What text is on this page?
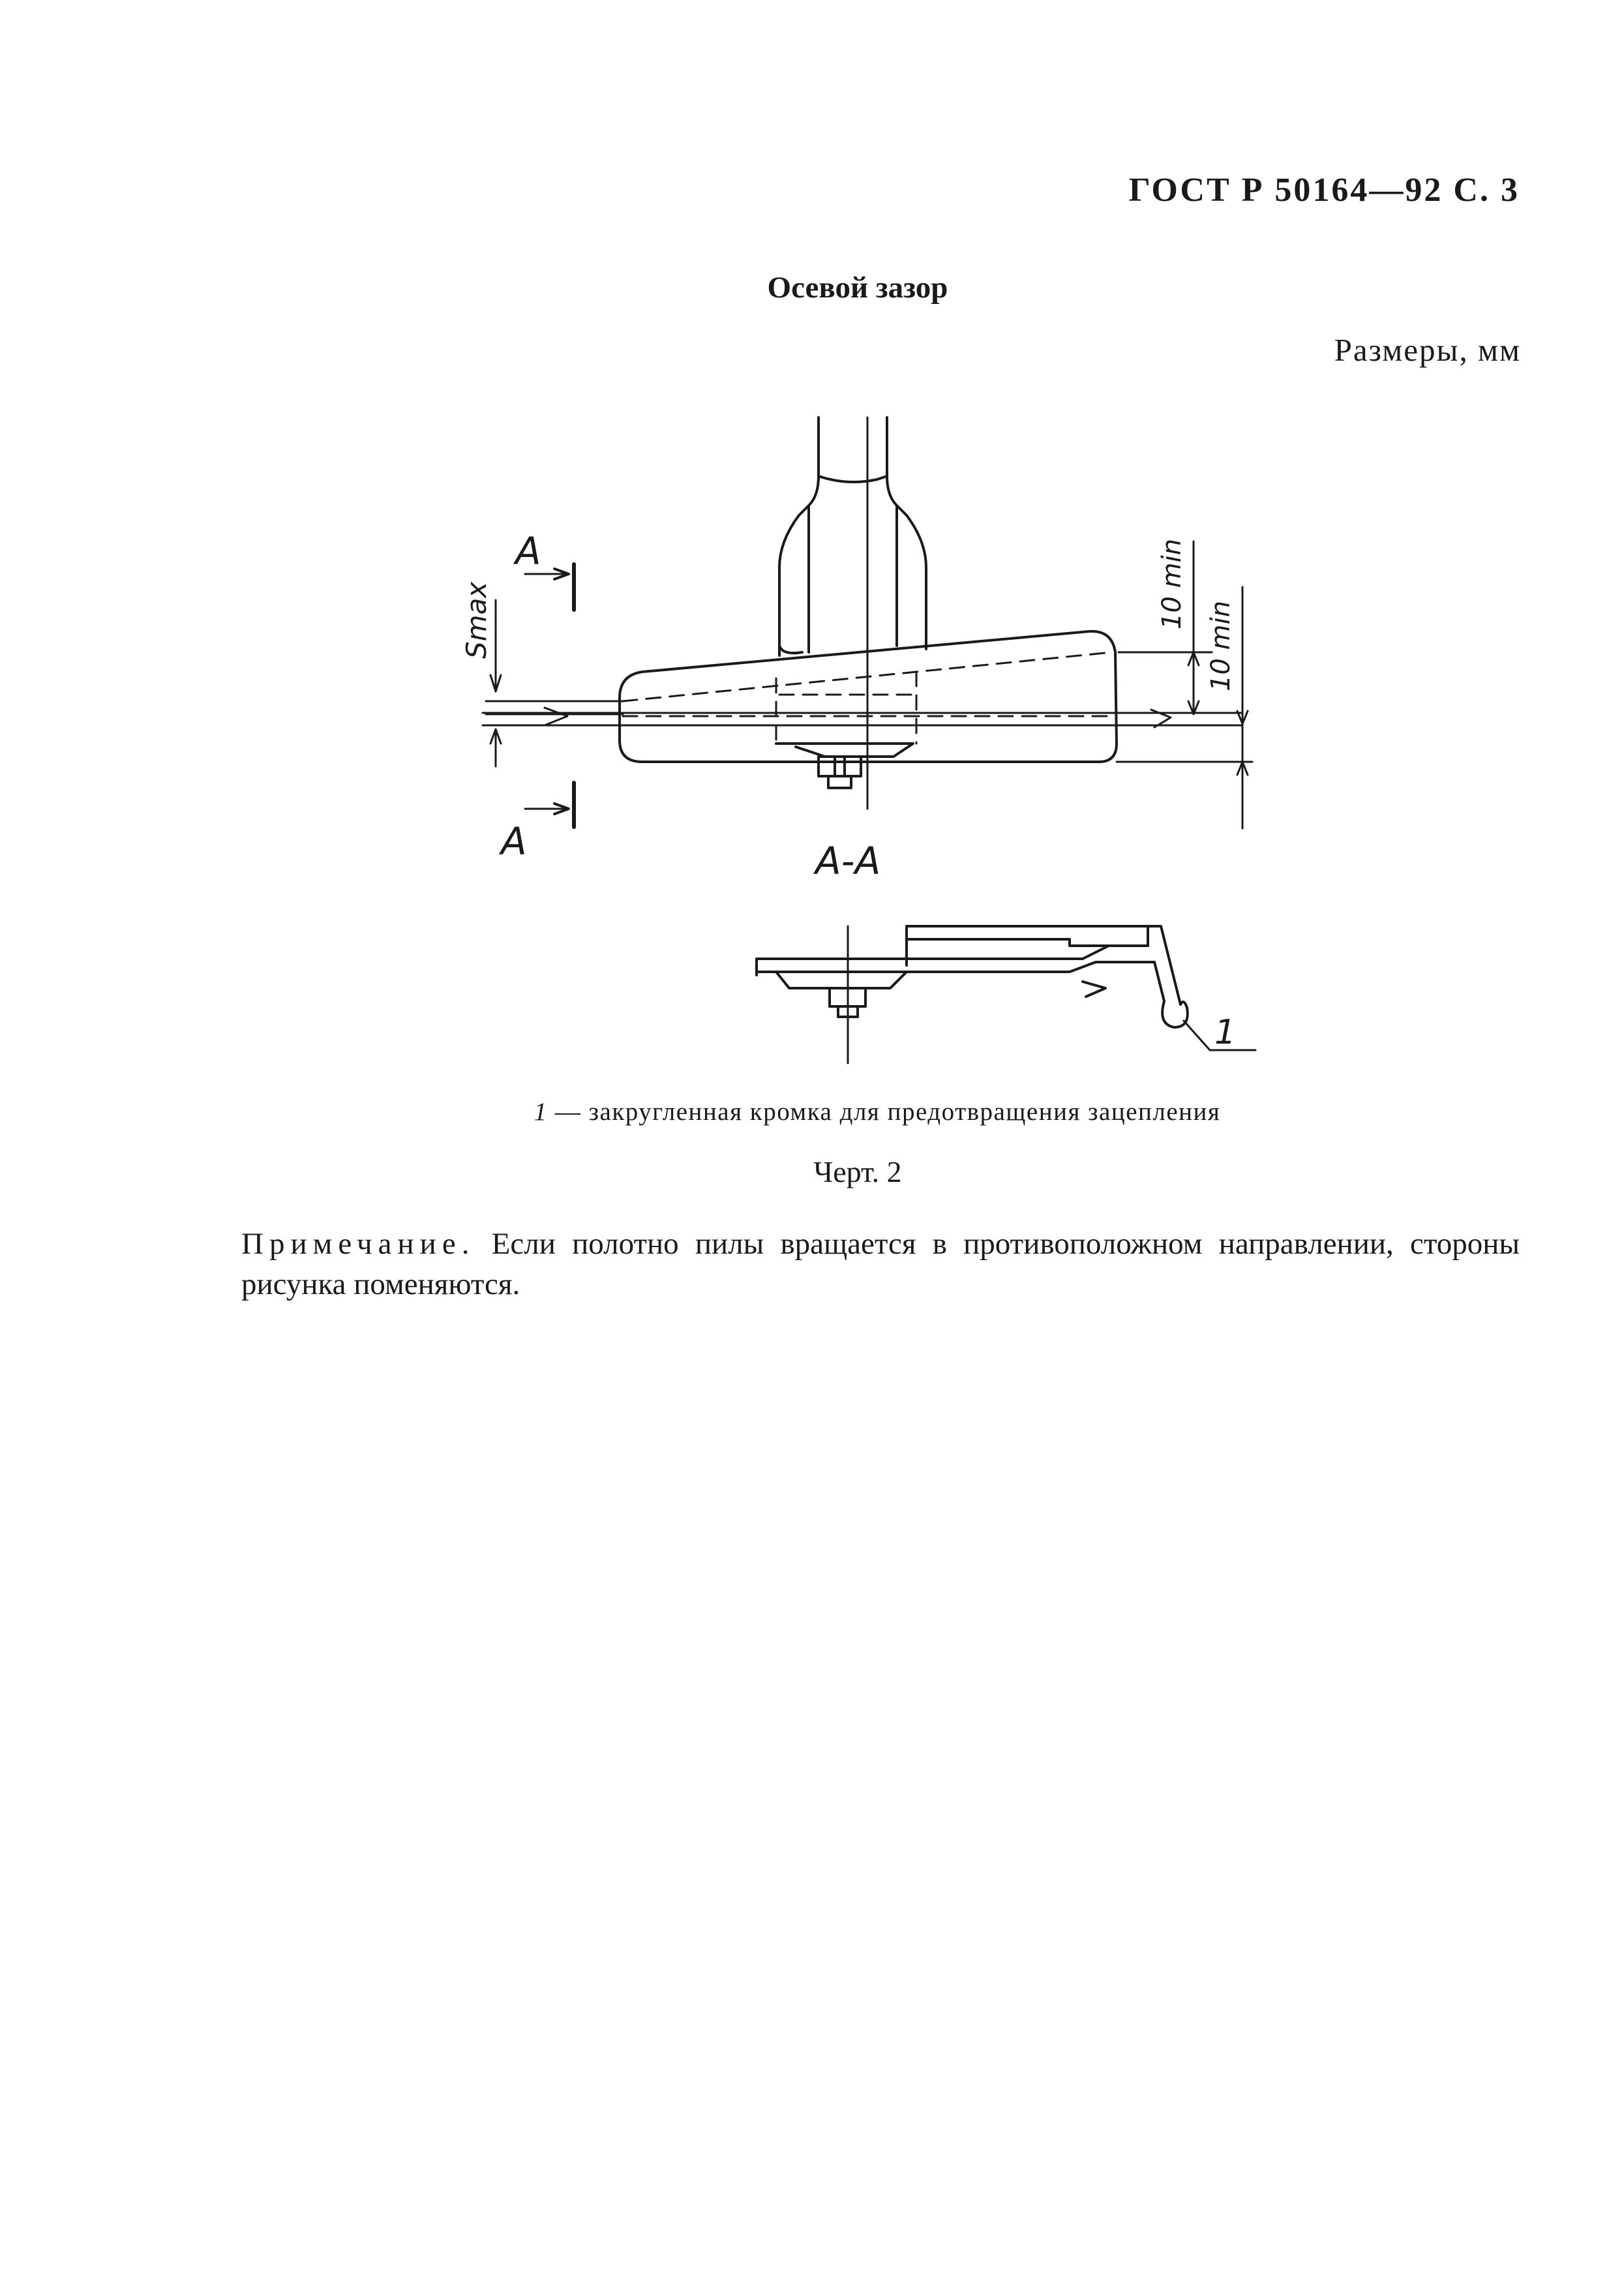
ГОСТ Р 50164—92 С. 3
Осевой зазор
Размеры, мм
A
A
Ѕmax	10 min
10 min
А-А
1
1 — закругленная кромка для предотвращения зацепления
Черт. 2
Примечание. Если полотно пилы вращается в противоположном направлении, стороны рисунка поменяются.
